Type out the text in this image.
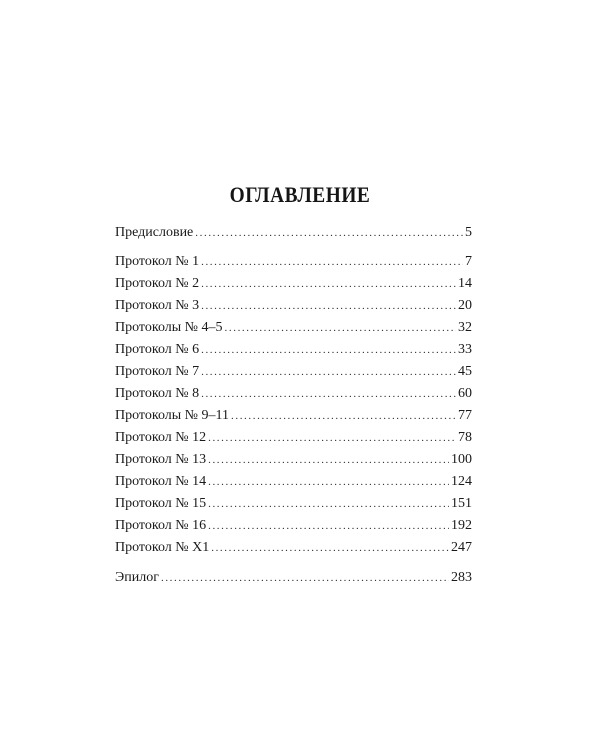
ОГЛАВЛЕНИЕ
Предисловие .....	5
Протокол № 1 .....	7
Протокол № 2 .....	14
Протокол № 3 .....	20
Протоколы № 4–5 .....	32
Протокол № 6 .....	33
Протокол № 7 .....	45
Протокол № 8 .....	60
Протоколы № 9–11 .....	77
Протокол № 12 .....	78
Протокол № 13 .....	100
Протокол № 14 .....	124
Протокол № 15 .....	151
Протокол № 16 .....	192
Протокол № Х1 .....	247
Эпилог .....	283
